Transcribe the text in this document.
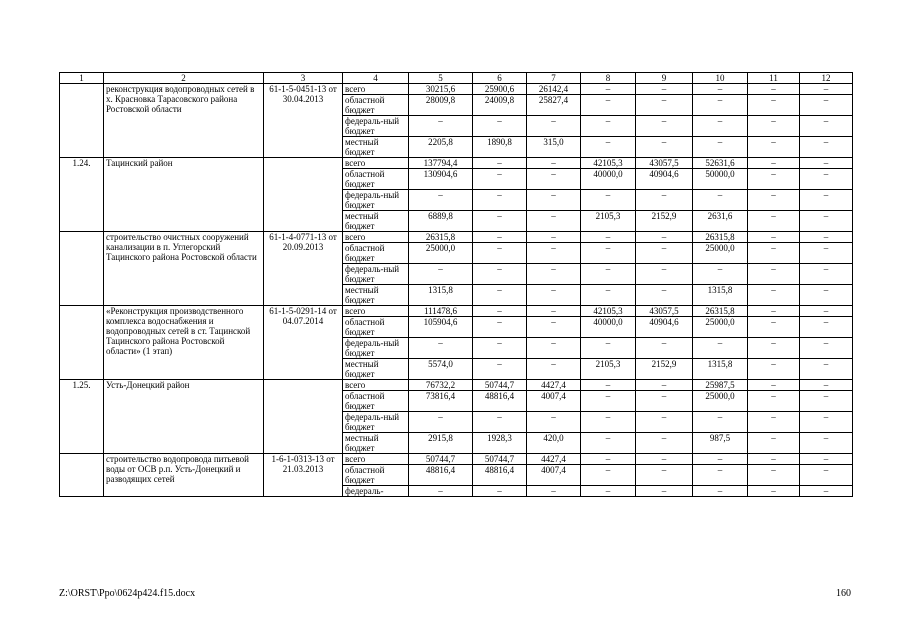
1	2	3	4	5	6	7	8	9	10	11	12
	реконструкция водопроводных сетей в х. Красновка Тарасовского района Ростовской области	61-1-5-0451-13 от 30.04.2013	всего	30215,6	25900,6	26142,4	–	–	–	–	–
			областной бюджет	28009,8	24009,8	25827,4	–	–	–	–	–
			федераль-ный бюджет	–	–	–	–	–	–	–	–
			местный бюджет	2205,8	1890,8	315,0	–	–	–	–	–
1.24.	Тацинский район		всего	137794,4	–	–	42105,3	43057,5	52631,6	–	–
			областной бюджет	130904,6	–	–	40000,0	40904,6	50000,0	–	–
			федераль-ный бюджет	–	–	–	–	–	–	–	–
			местный бюджет	6889,8	–	–	2105,3	2152,9	2631,6	–	–
	строительство очистных сооружений канализации в п. Углегорский Тацинского района Ростовской области	61-1-4-0771-13 от 20.09.2013	всего	26315,8	–	–	–	–	26315,8	–	–
			областной бюджет	25000,0	–	–	–	–	25000,0	–	–
			федераль-ный бюджет	–	–	–	–	–	–	–	–
			местный бюджет	1315,8	–	–	–	–	1315,8	–	–
	«Реконструкция производственного комплекса водоснабжения и водопроводных сетей в ст. Тацинской Тацинского района Ростовской области» (1 этап)	61-1-5-0291-14 от 04.07.2014	всего	111478,6	–	–	42105,3	43057,5	26315,8	–	–
			областной бюджет	105904,6	–	–	40000,0	40904,6	25000,0	–	–
			федераль-ный бюджет	–	–	–	–	–	–	–	–
			местный бюджет	5574,0	–	–	2105,3	2152,9	1315,8	–	–
1.25.	Усть-Донецкий район		всего	76732,2	50744,7	4427,4	–	–	25987,5	–	–
			областной бюджет	73816,4	48816,4	4007,4	–	–	25000,0	–	–
			федераль-ный бюджет	–	–	–	–	–	–	–	–
			местный бюджет	2915,8	1928,3	420,0	–	–	987,5	–	–
	строительство водопровода питьевой воды от ОСВ р.п. Усть-Донецкий и разводящих сетей	1-6-1-0313-13 от 21.03.2013	всего	50744,7	50744,7	4427,4	–	–	–	–	–
			областной бюджет	48816,4	48816,4	4007,4	–	–	–	–	–
			федераль-	–	–	–	–	–	–	–	–
Z:\ORST\Ppo\0624p424.f15.docx	160
